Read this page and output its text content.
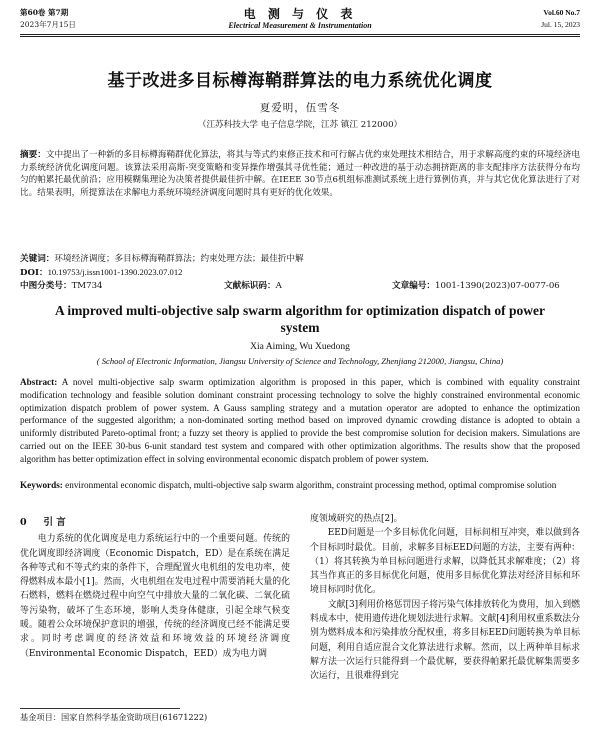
第60卷 第7期
2023年7月15日
电 测 与 仪 表
Electrical Measurement & Instrumentation
Vol.60 No.7
Jul. 15, 2023
基于改进多目标樽海鞘群算法的电力系统优化调度
夏爱明，伍雪冬
（江苏科技大学 电子信息学院，江苏 镇江 212000）
摘要：文中提出了一种新的多目标樽海鞘群优化算法，将其与等式约束修正技术和可行解占优约束处理技术相结合，用于求解高度约束的环境经济电力系统经济优化调度问题。该算法采用高斯-突变策略和变异操作增强其寻优性能；通过一种改进的基于动态拥挤距离的非支配排序方法获得分布均匀的帕累托最优前沿；应用模糊集理论为决策者提供最佳折中解。在IEEE 30节点6机组标准测试系统上进行算例仿真，并与其它优化算法进行了对比。结果表明，所提算法在求解电力系统环境经济调度问题时具有更好的优化效果。
关键词：环境经济调度；多目标樽海鞘群算法；约束处理方法；最佳折中解
DOI：10.19753/j.issn1001-1390.2023.07.012
中图分类号：TM734	文献标识码：A	文章编号：1001-1390(2023)07-0077-06
A improved multi-objective salp swarm algorithm for optimization dispatch of power system
Xia Aiming, Wu Xuedong
( School of Electronic Information, Jiangsu University of Science and Technology, Zhenjiang 212000, Jiangsu, China)
Abstract: A novel multi-objective salp swarm optimization algorithm is proposed in this paper, which is combined with equality constraint modification technology and feasible solution dominant constraint processing technology to solve the highly constrained environmental economic optimization dispatch problem of power system. A Gauss sampling strategy and a mutation operator are adopted to enhance the optimization performance of the suggested algorithm; a non-dominated sorting method based on improved dynamic crowding distance is adopted to obtain a uniformly distributed Pareto-optimal front; a fuzzy set theory is applied to provide the best compromise solution for decision makers. Simulations are carried out on the IEEE 30-bus 6-unit standard test system and compared with other optimization algorithms. The results show that the proposed algorithm has better optimization effect in solving environmental economic dispatch problem of power system.
Keywords: environmental economic dispatch, multi-objective salp swarm algorithm, constraint processing method, optimal compromise solution
0 引 言
电力系统的优化调度是电力系统运行中的一个重要问题。传统的优化调度即经济调度（Economic Dispatch，ED）是在系统在满足各种等式和不等式约束的条件下，合理配置火电机组的发电功率，使得燃料成本最小[1]。然而，火电机组在发电过程中需要消耗大量的化石燃料，燃料在燃烧过程中向空气中排放大量的二氧化碳、二氧化硫等污染物，破坏了生态环境，影响人类身体健康，引起全球气候变暖。随着公众环境保护意识的增强，传统的经济调度已经不能满足要求。同时考虑调度的经济效益和环境效益的环境经济调度（Environmental Economic Dispatch，EED）成为电力调
度领域研究的热点[2]。
EED问题是一个多目标优化问题，目标间相互冲突，难以做到各个目标同时最优。目前，求解多目标EED问题的方法，主要有两种：（1）将其转换为单目标问题进行求解，以降低其求解难度；（2）将其当作真正的多目标优化问题，使用多目标优化算法对经济目标和环境目标同时优化。
文献[3]利用价格惩罚因子将污染气体排放转化为费用，加入到燃料成本中，使用遗传进化规划法进行求解。文献[4]利用权重系数法分别为燃料成本和污染排放分配权重，将多目标EED问题转换为单目标问题，利用自适应混合文化算法进行求解。然而，以上两种单目标求解方法一次运行只能得到一个最优解，要获得帕累托最优解集需要多次运行，且很难得到完
基金项目：国家自然科学基金资助项目(61671222)
